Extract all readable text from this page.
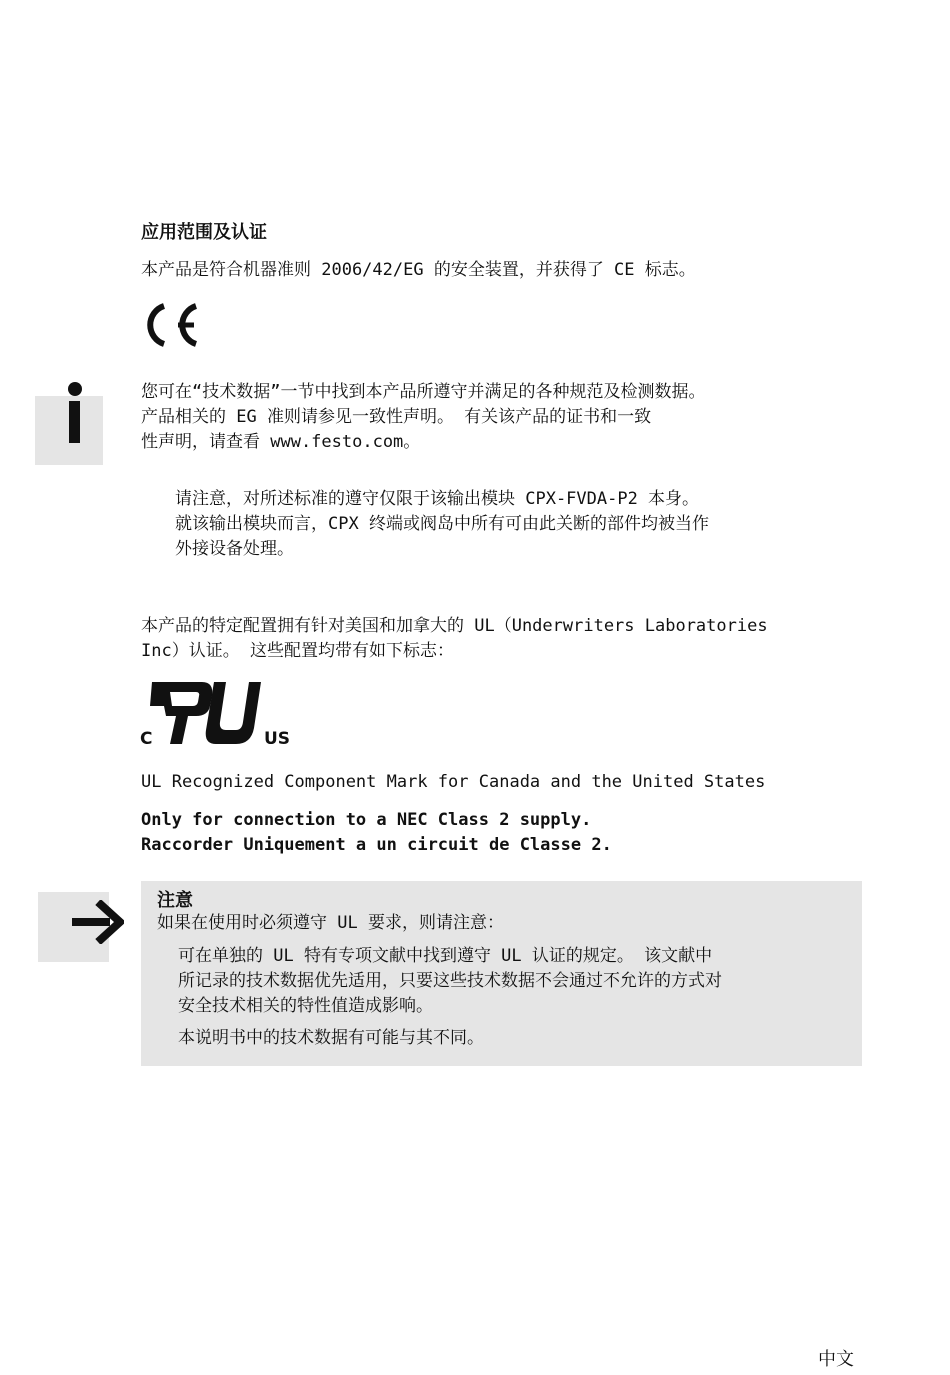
应用范围及认证
本产品是符合机器准则 2006/42/EG 的安全装置，并获得了 CE 标志。
您可在“技术数据”一节中找到本产品所遵守并满足的各种规范及检测数据。
产品相关的 EG 准则请参见一致性声明。 有关该产品的证书和一致
性声明，请查看 www.festo.com。
请注意，对所述标准的遵守仅限于该输出模块 CPX-FVDA-P2 本身。
就该输出模块而言，CPX 终端或阀岛中所有可由此关断的部件均被当作
外接设备处理。
本产品的特定配置拥有针对美国和加拿大的 UL（Underwriters Laboratories
Inc）认证。 这些配置均带有如下标志：
®
C	US
UL Recognized Component Mark for Canada and the United States
Only for connection to a NEC Class 2 supply.
Raccorder Uniquement a un circuit de Classe 2.
注意
如果在使用时必须遵守 UL 要求，则请注意：
可在单独的 UL 特有专项文献中找到遵守 UL 认证的规定。 该文献中
所记录的技术数据优先适用，只要这些技术数据不会通过不允许的方式对
安全技术相关的特性值造成影响。
本说明书中的技术数据有可能与其不同。
中文
